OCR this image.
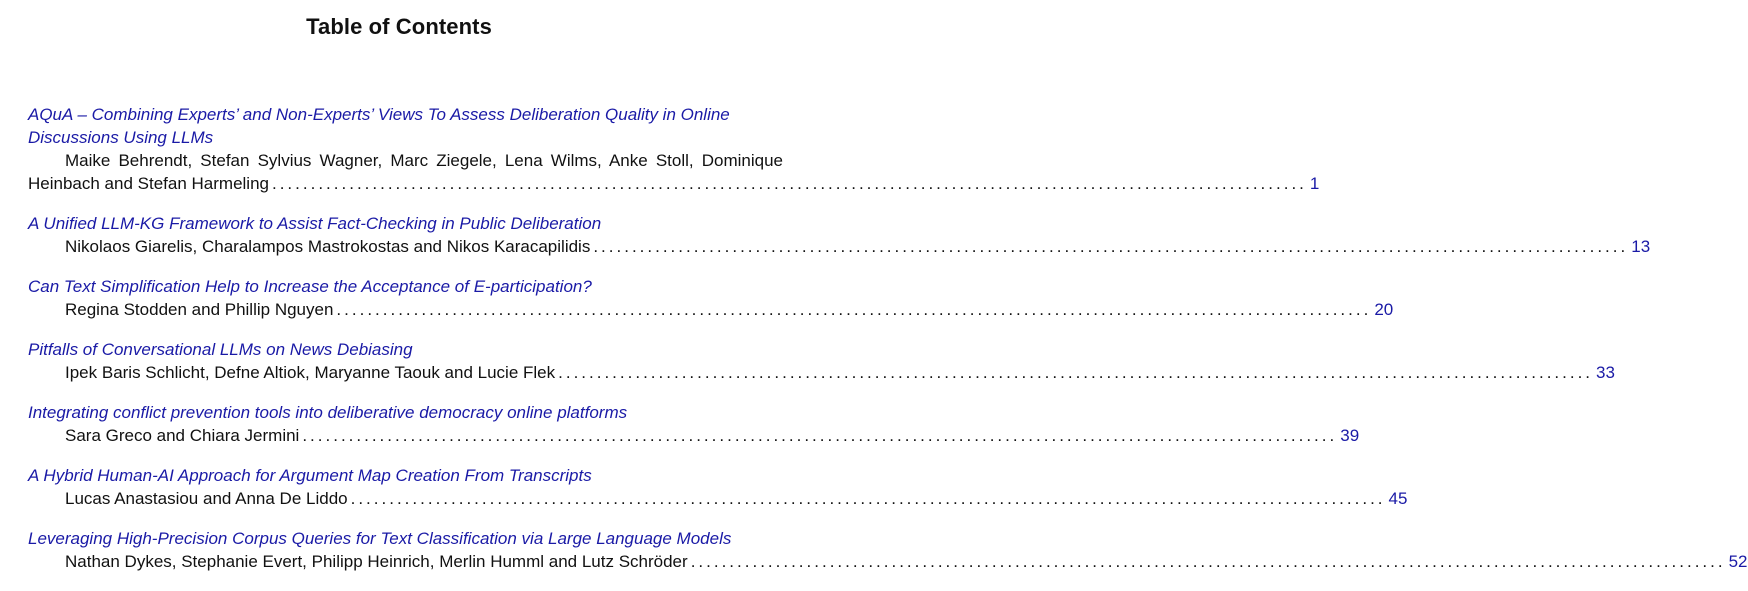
Table of Contents
AQuA – Combining Experts’ and Non-Experts’ Views To Assess Deliberation Quality in Online Discussions Using LLMs
Maike Behrendt, Stefan Sylvius Wagner, Marc Ziegele, Lena Wilms, Anke Stoll, Dominique
Heinbach and Stefan Harmeling ...................................................................................................................................... 1
A Unified LLM-KG Framework to Assist Fact-Checking in Public Deliberation
Nikolaos Giarelis, Charalampos Mastrokostas and Nikos Karacapilidis ...................................................................................................................................... 13
Can Text Simplification Help to Increase the Acceptance of E-participation?
Regina Stodden and Phillip Nguyen ...................................................................................................................................... 20
Pitfalls of Conversational LLMs on News Debiasing
Ipek Baris Schlicht, Defne Altiok, Maryanne Taouk and Lucie Flek ...................................................................................................................................... 33
Integrating conflict prevention tools into deliberative democracy online platforms
Sara Greco and Chiara Jermini ...................................................................................................................................... 39
A Hybrid Human-AI Approach for Argument Map Creation From Transcripts
Lucas Anastasiou and Anna De Liddo ...................................................................................................................................... 45
Leveraging High-Precision Corpus Queries for Text Classification via Large Language Models
Nathan Dykes, Stephanie Evert, Philipp Heinrich, Merlin Humml and Lutz Schröder ...................................................................................................................................... 52
